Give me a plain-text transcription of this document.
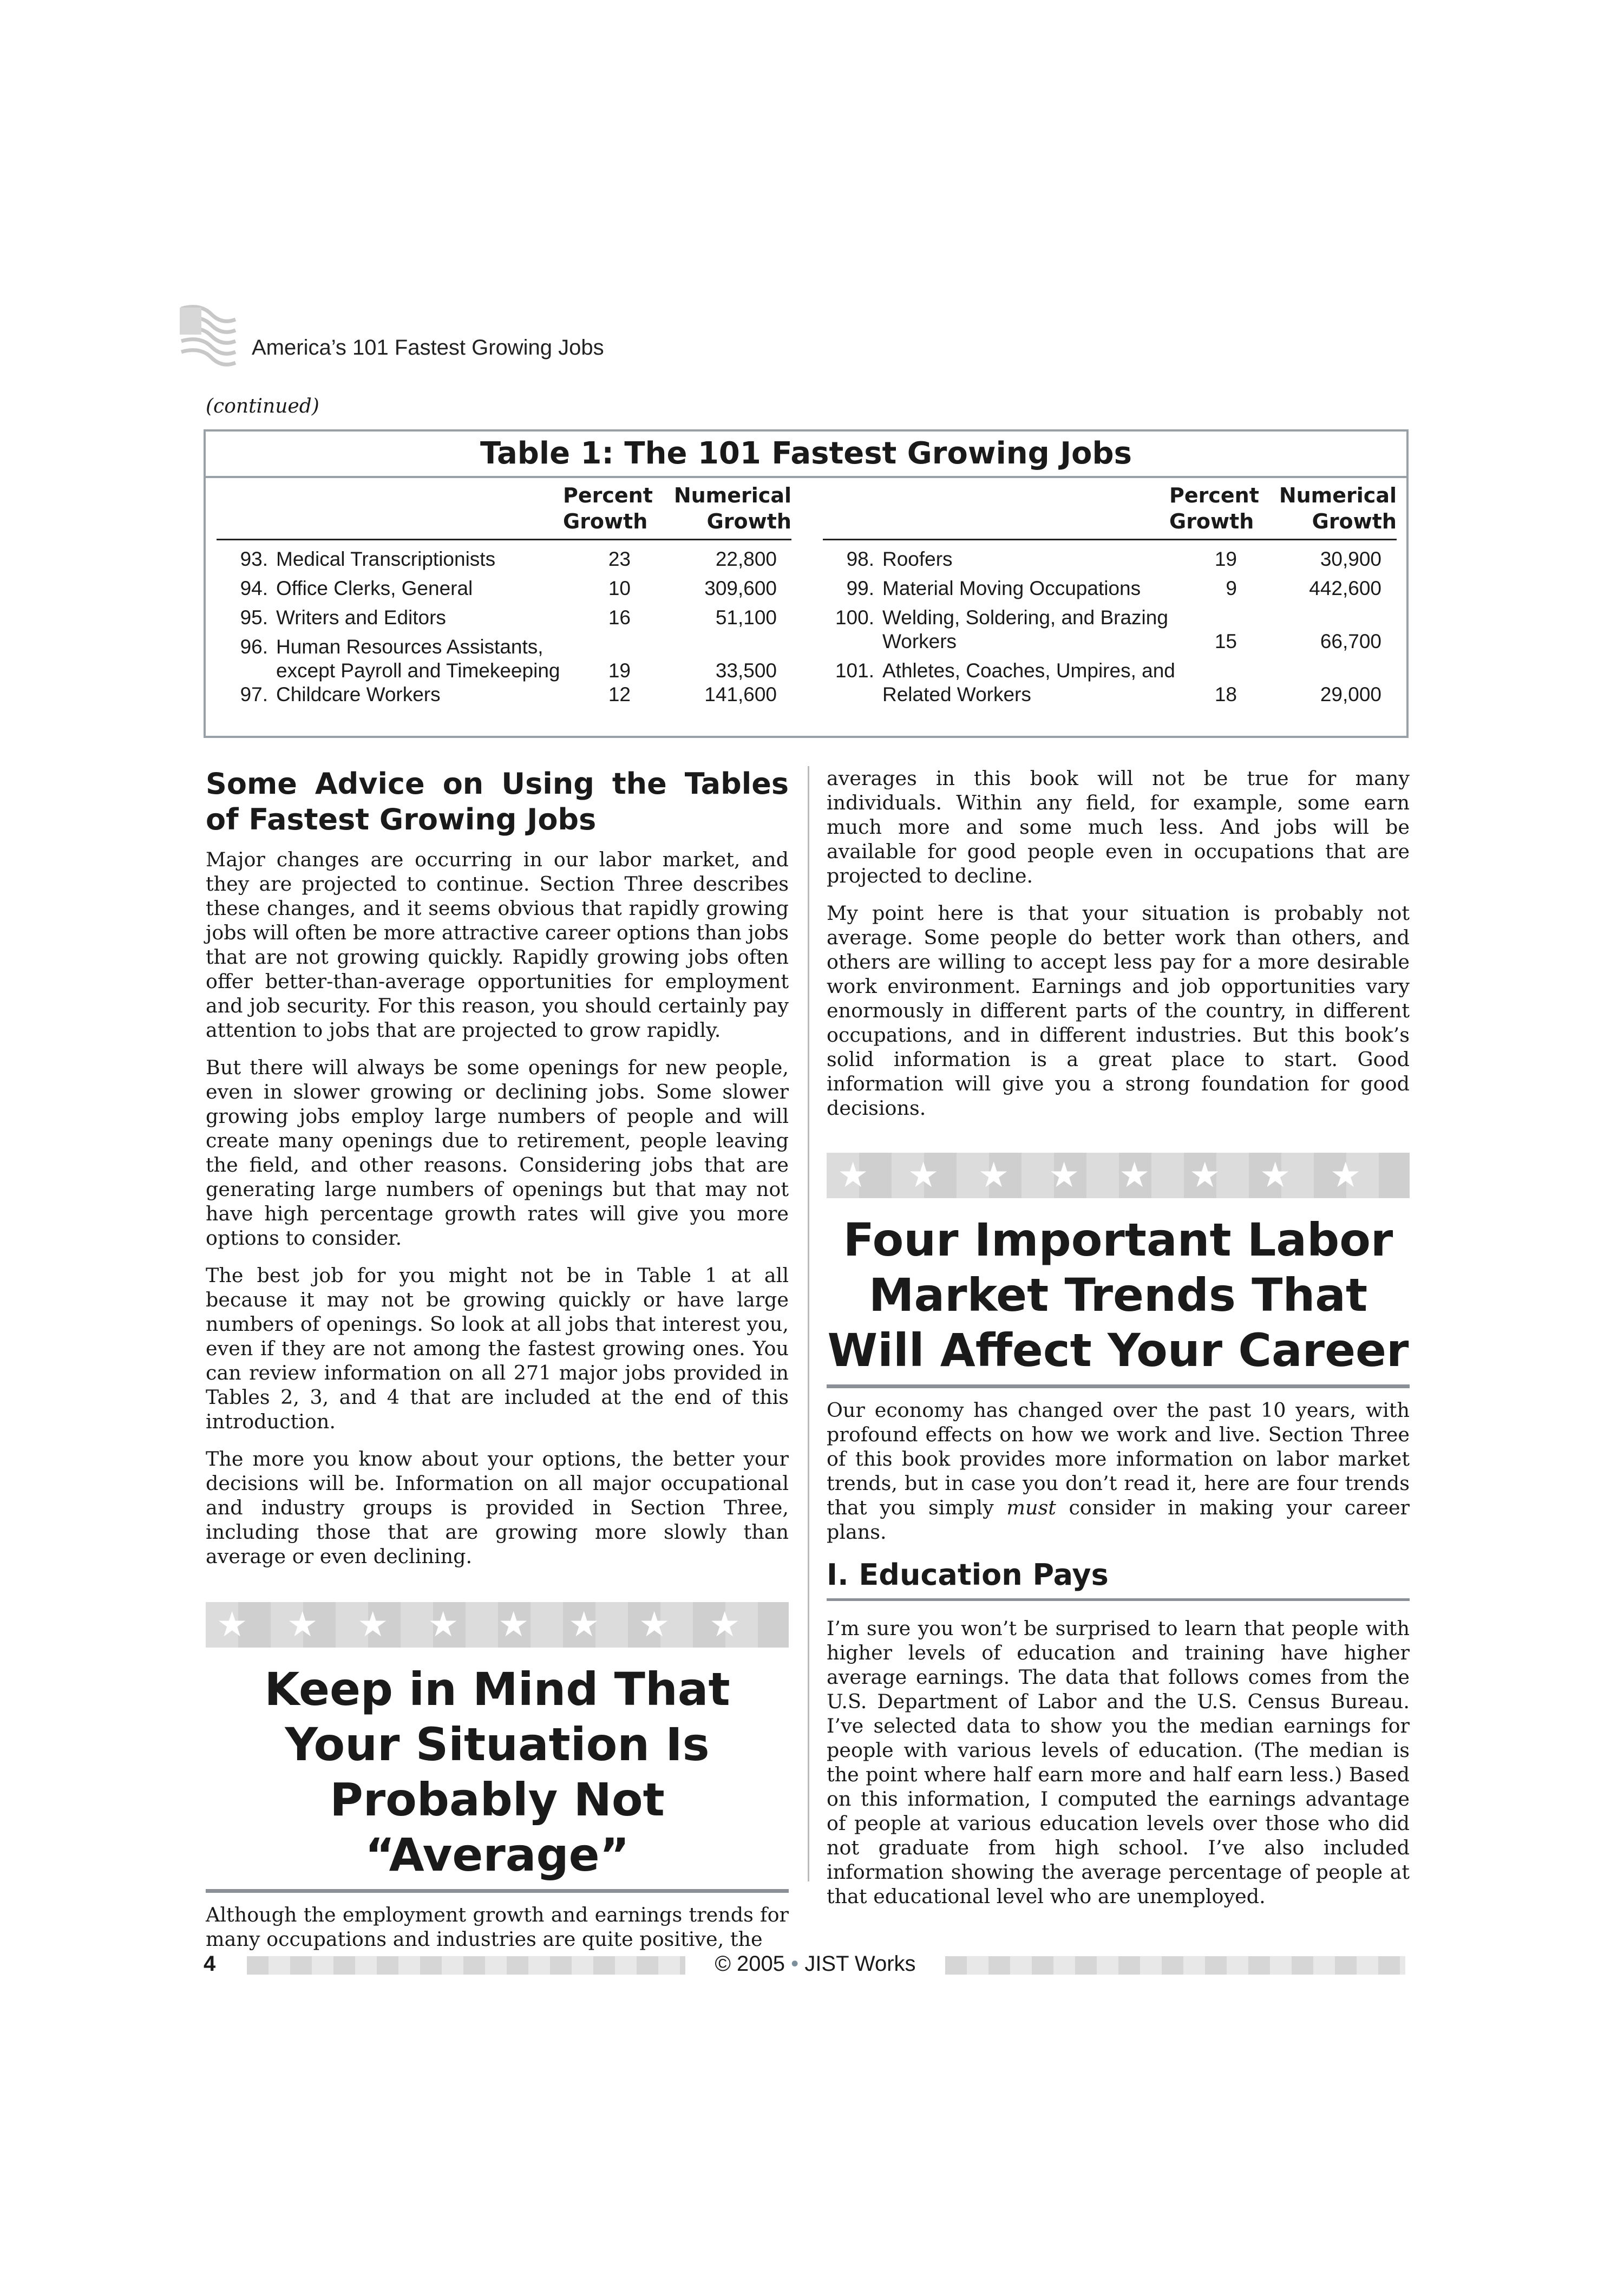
America’s 101 Fastest Growing Jobs
(continued)
Table 1: The 101 Fastest Growing Jobs
Percent
Growth
Numerical
Growth
93. Medical Transcriptionists	23	22,800
94. Office Clerks, General	10	309,600
95. Writers and Editors	16	51,100
96. Human Resources Assistants,
except Payroll and Timekeeping	19	33,500
97. Childcare Workers	12	141,600
Percent
Growth
Numerical
Growth
98. Roofers	19	30,900
99. Material Moving Occupations	9	442,600
100. Welding, Soldering, and Brazing
Workers	15	66,700
101. Athletes, Coaches, Umpires, and
Related Workers	18	29,000
Some Advice on Using the Tables of Fastest Growing Jobs

Major changes are occurring in our labor market, and they are projected to continue. Section Three describes these changes, and it seems obvious that rapidly growing jobs will often be more attractive career options than jobs that are not growing quickly. Rapidly growing jobs often offer better-than-average opportunities for employment and job security. For this reason, you should certainly pay attention to jobs that are projected to grow rapidly.

But there will always be some openings for new people, even in slower growing or declining jobs. Some slower growing jobs employ large numbers of people and will create many openings due to retirement, people leaving the field, and other reasons. Considering jobs that are generating large numbers of openings but that may not have high percentage growth rates will give you more options to consider.

The best job for you might not be in Table 1 at all because it may not be growing quickly or have large numbers of openings. So look at all jobs that interest you, even if they are not among the fastest growing ones. You can review information on all 271 major jobs provided in Tables 2, 3, and 4 that are included at the end of this introduction.

The more you know about your options, the better your decisions will be. Information on all major occupational and industry groups is provided in Section Three, including those that are growing more slowly than average or even declining.

★ ★ ★ ★ ★ ★ ★ ★
Keep in Mind That Your Situation Is Probably Not “Average”

Although the employment growth and earnings trends for many occupations and industries are quite positive, the

averages in this book will not be true for many individuals. Within any field, for example, some earn much more and some much less. And jobs will be available for good people even in occupations that are projected to decline.

My point here is that your situation is probably not average. Some people do better work than others, and others are willing to accept less pay for a more desirable work environment. Earnings and job opportunities vary enormously in different parts of the country, in different occupations, and in different industries. But this book’s solid information is a great place to start. Good information will give you a strong foundation for good decisions.

★ ★ ★ ★ ★ ★ ★ ★
Four Important Labor Market Trends That Will Affect Your Career

Our economy has changed over the past 10 years, with profound effects on how we work and live. Section Three of this book provides more information on labor market trends, but in case you don’t read it, here are four trends that you simply must consider in making your career plans.

I. Education Pays

I’m sure you won’t be surprised to learn that people with higher levels of education and training have higher average earnings. The data that follows comes from the U.S. Department of Labor and the U.S. Census Bureau. I’ve selected data to show you the median earnings for people with various levels of education. (The median is the point where half earn more and half earn less.) Based on this information, I computed the earnings advantage of people at various education levels over those who did not graduate from high school. I’ve also included information showing the average percentage of people at that educational level who are unemployed.

4	© 2005 • JIST Works
